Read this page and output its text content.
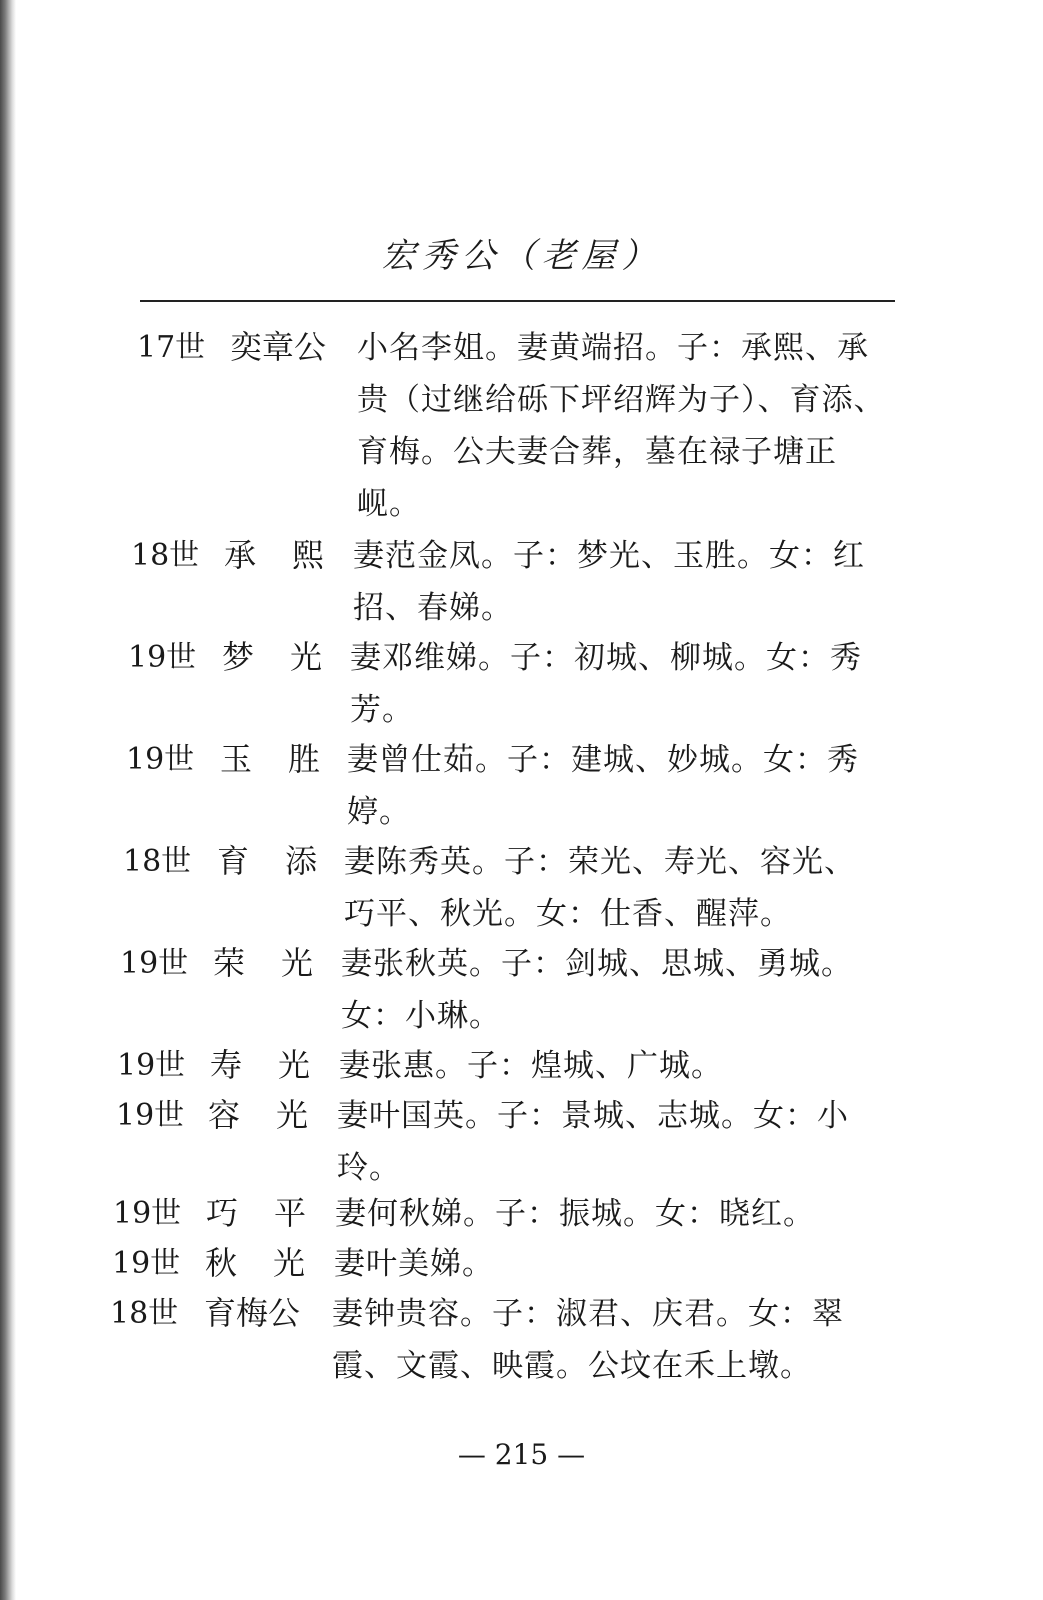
宏秀公（老屋）
17世 奕章公 小名李姐。妻黄端招。子：承熙、承贵（过继给砾下坪绍辉为子）、育添、育梅。公夫妻合葬，墓在禄子塘正岘。
18世 承 熙 妻范金凤。子：梦光、玉胜。女：红招、春娣。
19世 梦 光 妻邓维娣。子：初城、柳城。女：秀芳。
19世 玉 胜 妻曾仕茹。子：建城、妙城。女：秀婷。
18世 育 添 妻陈秀英。子：荣光、寿光、容光、巧平、秋光。女：仕香、醒萍。
19世 荣 光 妻张秋英。子：剑城、思城、勇城。女：小琳。
19世 寿 光 妻张惠。子：煌城、广城。
19世 容 光 妻叶国英。子：景城、志城。女：小玲。
19世 巧 平 妻何秋娣。子：振城。女：晓红。
19世 秋 光 妻叶美娣。
18世 育梅公 妻钟贵容。子：淑君、庆君。女：翠霞、文霞、映霞。公坟在禾上墩。
— 215 —
